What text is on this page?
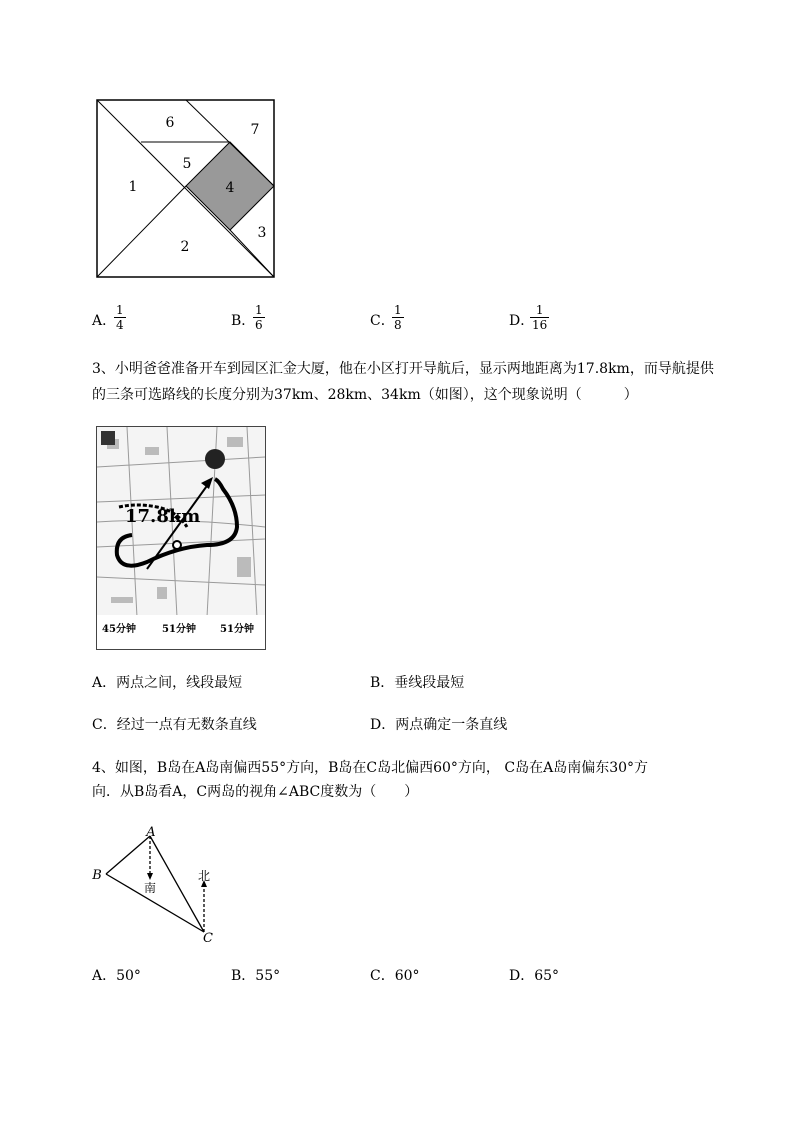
6	7
5
1	4
3
2
A．
$\frac{1}{4}$	B．
$\frac{1}{6}$	C．
$\frac{1}{8}$	D．
$\frac{1}{16}$
3、小明爸爸准备开车到园区汇金大厦，他在小区打开导航后，显示两地距离为17.8km，而导航提供
的三条可选路线的长度分别为37km、28km、34km（如图），这个现象说明（　　　）
17.8km
45分钟	51分钟 51分钟
A．两点之间，线段最短	B．垂线段最短
C．经过一点有无数条直线	D．两点确定一条直线
4、如图，B岛在A岛南偏西55°方向，B岛在C岛北偏西60°方向， C岛在A岛南偏东30°方
向．从B岛看A，C两岛的视角∠ABC度数为（　　）
A
B
C
南
北
A．50°	B．55°	C．60°	D．65°
